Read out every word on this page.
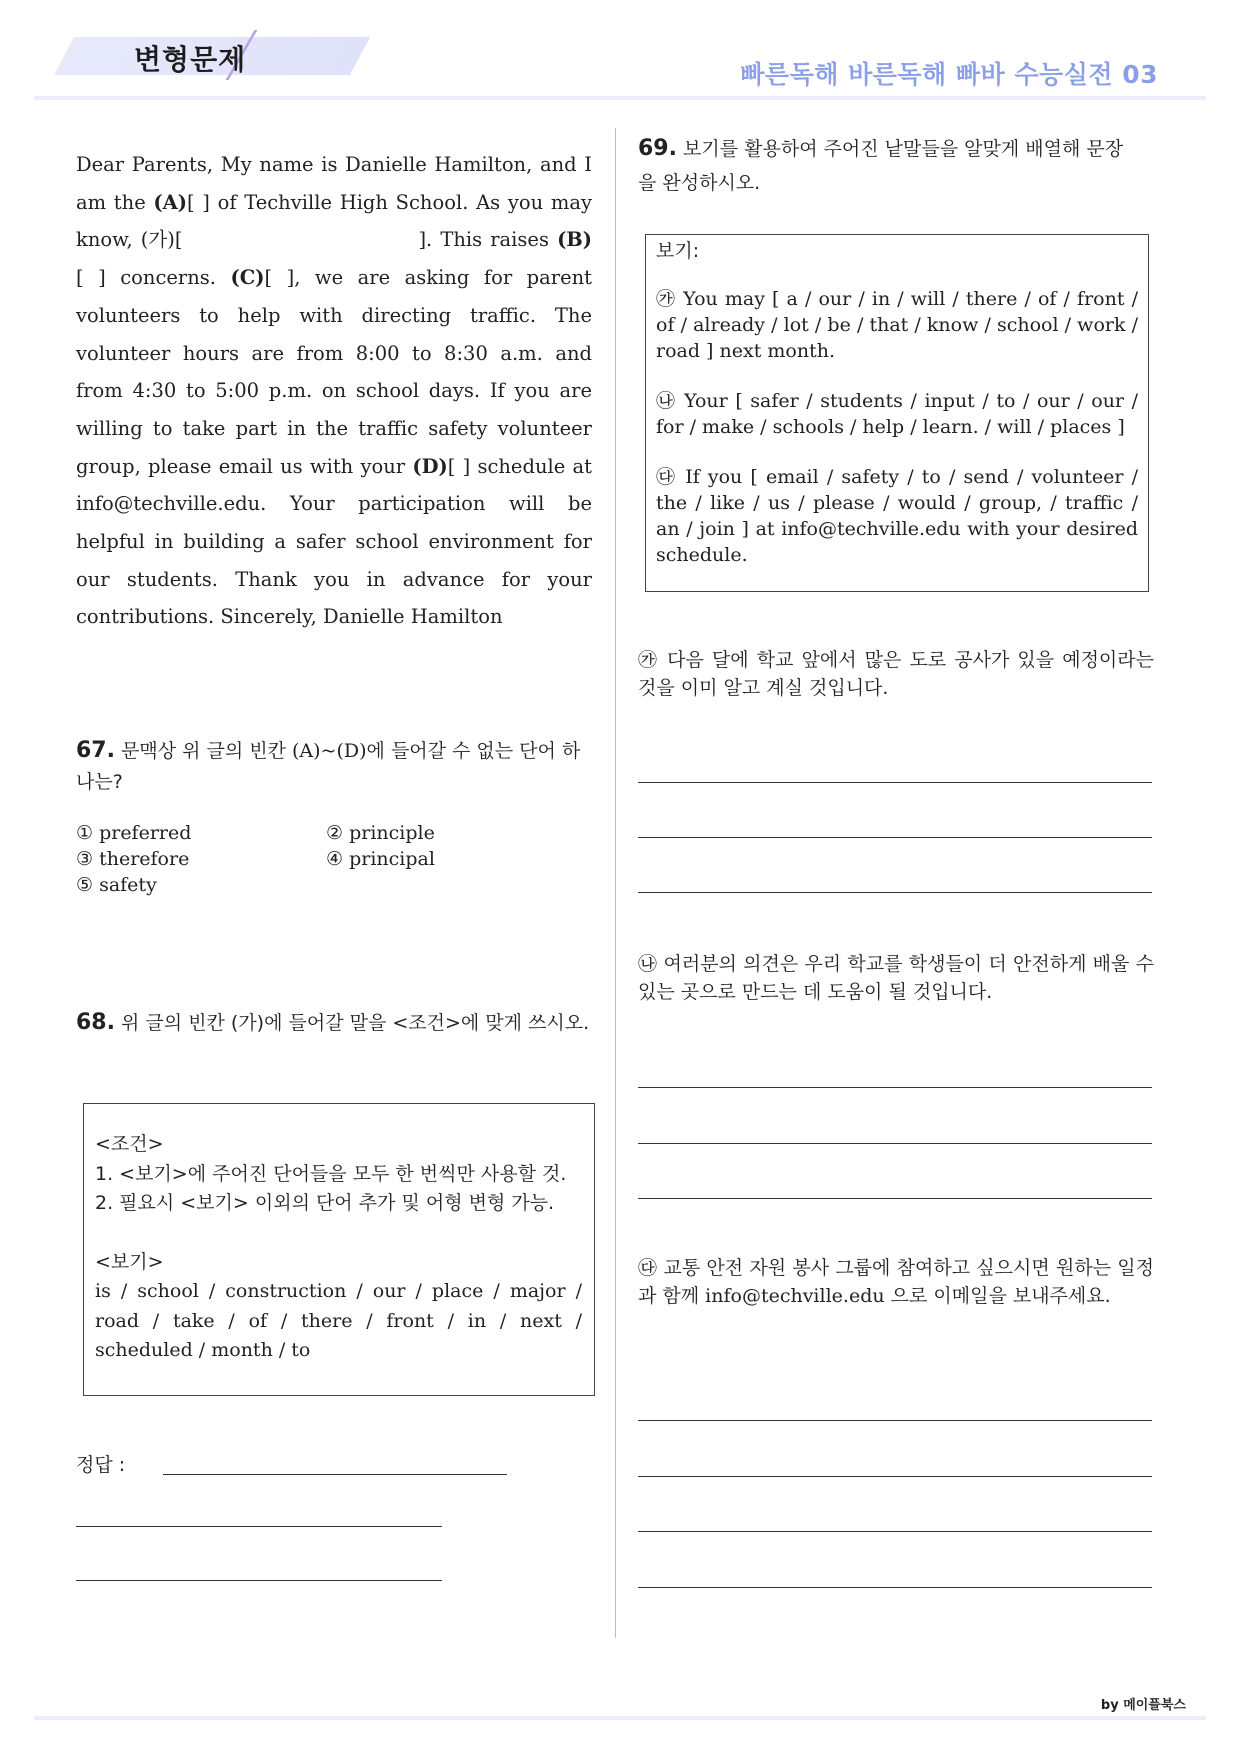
변형문제	빠른독해 바른독해 빠바 수능실전 03
Dear Parents, My name is Danielle Hamilton, and I am the (A)[ ] of Techville High School. As you may know, (가)[	]. This raises (B)[ ] concerns. (C)[ ], we are asking for parent volunteers to help with directing traffic. The volunteer hours are from 8:00 to 8:30 a.m. and from 4:30 to 5:00 p.m. on school days. If you are willing to take part in the traffic safety volunteer group, please email us with your (D)[ ] schedule at info@techville.edu. Your participation will be helpful in building a safer school environment for our students. Thank you in advance for your contributions. Sincerely, Danielle Hamilton
67. 문맥상 위 글의 빈칸 (A)~(D)에 들어갈 수 없는 단어 하나는?
① preferred	② principle
③ therefore	④ principal
⑤ safety
68. 위 글의 빈칸 (가)에 들어갈 말을 <조건>에 맞게 쓰시오.
<조건>
1. <보기>에 주어진 단어들을 모두 한 번씩만 사용할 것.
2. 필요시 <보기> 이외의 단어 추가 및 어형 변형 가능.
<보기>
is / school / construction / our / place / major / road / take / of / there / front / in / next / scheduled / month / to
정답 :
69. 보기를 활용하여 주어진 낱말들을 알맞게 배열해 문장을 완성하시오.
보기:
㉮ You may [ a / our / in / will / there / of / front / of / already / lot / be / that / know / school / work / road ] next month.
㉯ Your [ safer / students / input / to / our / our / for / make / schools / help / learn. / will / places ]
㉰ If you [ email / safety / to / send / volunteer / the / like / us / please / would / group, / traffic / an / join ] at info@techville.edu with your desired schedule.
㉮ 다음 달에 학교 앞에서 많은 도로 공사가 있을 예정이라는 것을 이미 알고 계실 것입니다.
㉯ 여러분의 의견은 우리 학교를 학생들이 더 안전하게 배울 수 있는 곳으로 만드는 데 도움이 될 것입니다.
㉰ 교통 안전 자원 봉사 그룹에 참여하고 싶으시면 원하는 일정과 함께 info@techville.edu 으로 이메일을 보내주세요.
by 메이플북스
